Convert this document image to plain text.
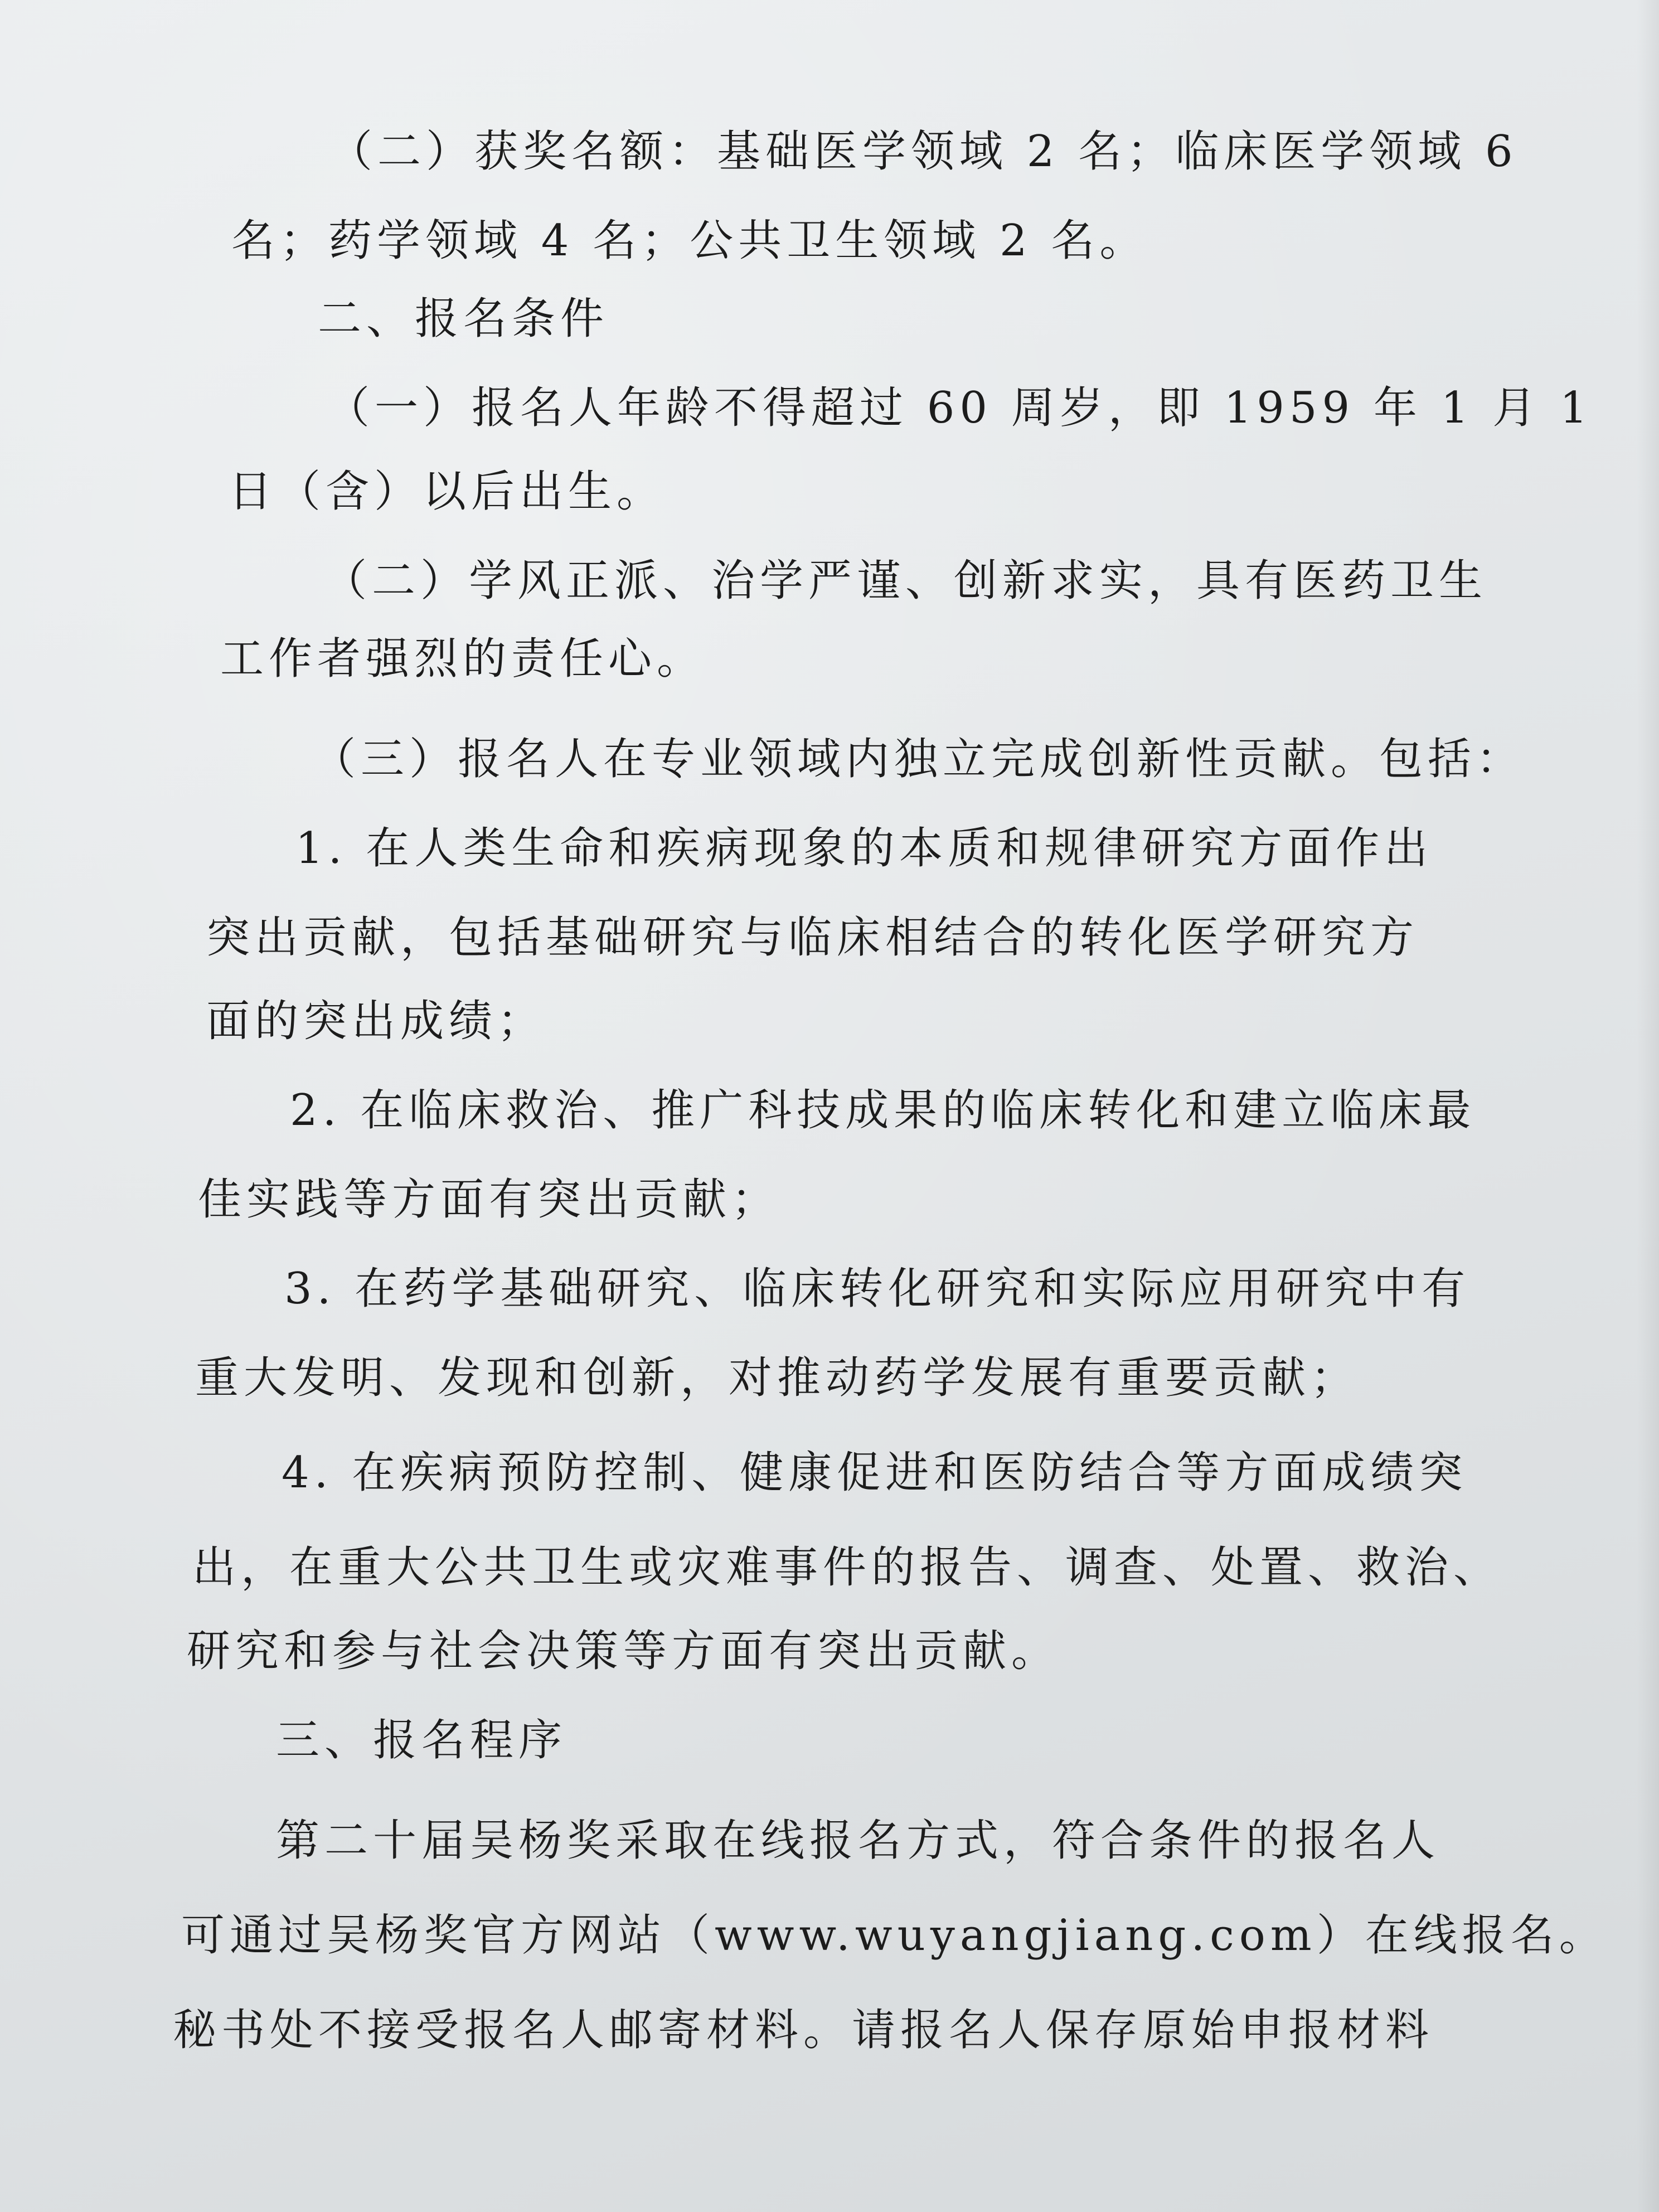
（二）获奖名额：基础医学领域 2 名；临床医学领域 6

名；药学领域 4 名；公共卫生领域 2 名。

二、报名条件

（一）报名人年龄不得超过 60 周岁，即 1959 年 1 月 1

日（含）以后出生。

（二）学风正派、治学严谨、创新求实，具有医药卫生

工作者强烈的责任心。

（三）报名人在专业领域内独立完成创新性贡献。包括：

1. 在人类生命和疾病现象的本质和规律研究方面作出

突出贡献，包括基础研究与临床相结合的转化医学研究方

面的突出成绩；

2. 在临床救治、推广科技成果的临床转化和建立临床最

佳实践等方面有突出贡献；

3. 在药学基础研究、临床转化研究和实际应用研究中有

重大发明、发现和创新，对推动药学发展有重要贡献；

4. 在疾病预防控制、健康促进和医防结合等方面成绩突

出，在重大公共卫生或灾难事件的报告、调查、处置、救治、

研究和参与社会决策等方面有突出贡献。

三、报名程序

第二十届吴杨奖采取在线报名方式，符合条件的报名人

可通过吴杨奖官方网站（www.wuyangjiang.com）在线报名。

秘书处不接受报名人邮寄材料。请报名人保存原始申报材料
